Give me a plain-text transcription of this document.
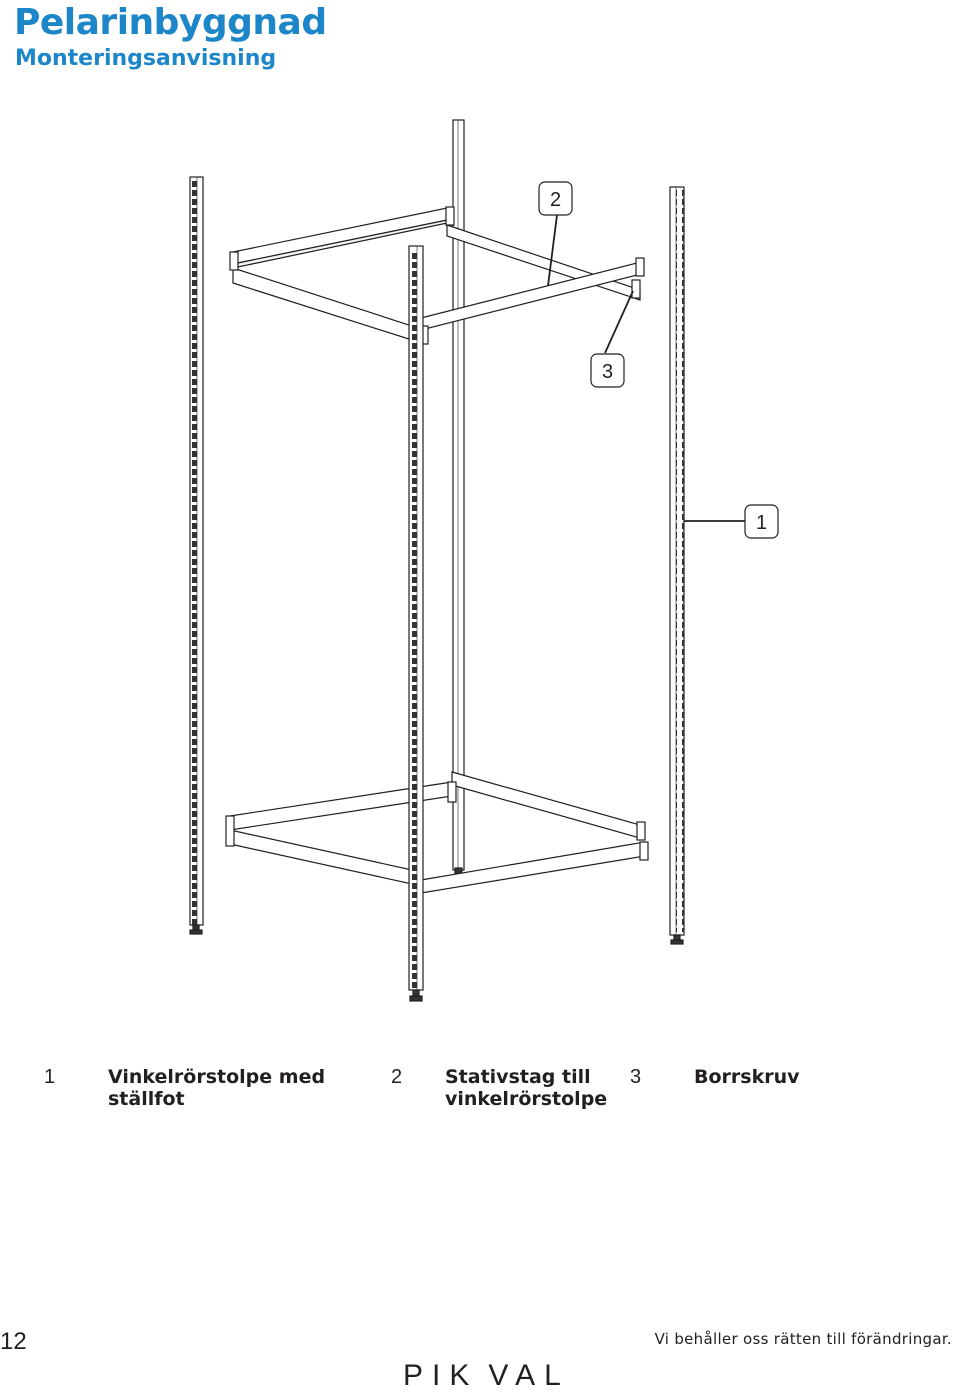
Pelarinbyggnad
Monteringsanvisning
2
3
1
1	Vinkelrörstolpe med
ställfot
2 Stativstag till
vinkelrörstolpe
3	Borrskruv
12	Vi behåller oss rätten till förändringar.
PIK VAL
